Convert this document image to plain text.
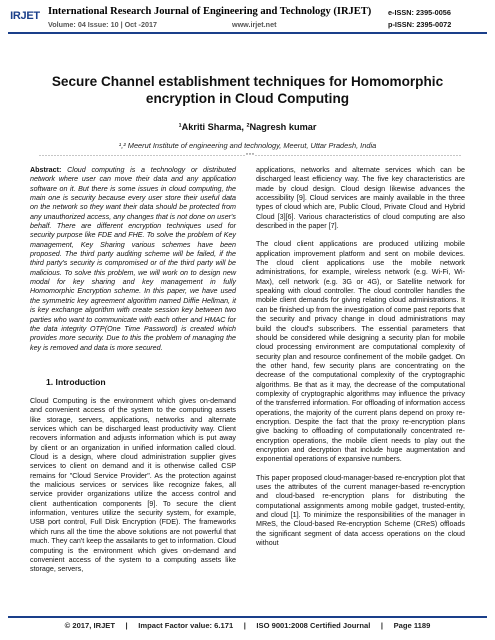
IRJET International Research Journal of Engineering and Technology (IRJET)
Volume: 04 Issue: 10 | Oct -2017	www.irjet.net
e-ISSN: 2395-0056
p-ISSN: 2395-0072
Secure Channel establishment techniques for Homomorphic encryption in Cloud Computing
¹Akriti Sharma, ²Nagresh kumar
¹,² Meerut Institute of engineering and technology, Meerut, Uttar Pradesh, India
---------------------------------------------------------------------***---------------------------------------------------------------------

Abstract: Cloud computing is a technology or distributed network where user can move their data and any application software on it. But there is some issues in cloud computing, the main one is security because every user store their useful data on the network so they want their data should be protected from any unauthorized access, any changes that is not done on user's behalf. There are different encryption techniques used for security purpose like FDE and FHE. To solve the problem of Key management, Key Sharing various schemes have been proposed. The third party auditing scheme will be failed, if the third party's security is compromised or of the third party will be malicious. To solve this problem, we will work on to design new modal for key sharing and key management in fully Homomorphic Encryption scheme. In this paper, we have used the symmetric key agreement algorithm named Diffie Hellman, it is key exchange algorithm with create session key between two parties who want to communicate with each other and HMAC for the data integrity OTP(One Time Password) is created which provides more security. Due to this the problem of managing the key is removed and data is more secured.

1. Introduction

Cloud Computing is the environment which gives on-demand and convenient access of the system to the computing assets like storage, servers, applications, networks and alternate services which can be discharged least productivity way. Client recovers information and adjusts information which is put away by client or an organization in unified information called cloud. Cloud is a design, where cloud administration supplier gives services to client on demand and it is otherwise called CSP remains for "Cloud Service Provider". As the protection against the malicious services or services like recognize fakes, all service provider organizations utilize the access control and client authentication components [9]. To secure the client information, ventures utilize the security system, for example, USB port control, Full Disk Encryption (FDE). The frameworks which runs all the time the above solutions are not powerful that much. They can't keep the assailants to get to information. Cloud computing is the environment which gives on-demand and convenient access of the system to a computing assets like storage, servers,

applications, networks and alternate services which can be discharged least efficiency way. The five key characteristics are made by cloud design. Cloud design likewise advances the accessibility [9]. Cloud services are mainly available in the three types of cloud which are, Public Cloud, Private Cloud and Hybrid Cloud [3][6]. Various characteristics of cloud computing are also described in the paper [7].

The cloud client applications are produced utilizing mobile application improvement platform and sent on mobile devices. The cloud client applications use the mobile network administrations, for example, wireless network (e.g. Wi-Fi, Wi-Max), cell network (e.g. 3G or 4G), or Satellite network for speaking with cloud controller. The cloud controller handles the mobile client demands for giving relating cloud administrations. It can be finished up from the investigation of come past reports that the security and privacy change in cloud administrations may build the cloud's subscribers. The essential parameters that should be considered while designing a security plan for mobile cloud processing environment are computational complexity of security plan and resource confinement of the mobile gadget. On the other hand, few security plans are concentrating on the decrease of the computational complexity of the cryptographic algorithms. Be that as it may, the decrease of the computational complexity of cryptographic algorithms may influence the privacy of the transferred information. For offloading of information access operations, the majority of the current plans depend on proxy re-encryption. Despite the fact that the proxy re-encryption plans give backing to offloading of computationally concentrated re-encryption operations, the mobile client needs to play out the encryption and decryption that include huge augmentation and exponential operations of expansive numbers.

This paper proposed cloud-manager-based re-encryption plot that uses the attributes of the current manager-based re-encryption and cloud-based re-encryption plans for distributing the computational assignments among mobile gadget, trusted-entity, and cloud [1]. To minimize the responsibilities of the manager in MReS, the Cloud-based Re-encryption Scheme (CReS) offloads the significant segment of data access operations on the cloud without

© 2017, IRJET     |     Impact Factor value: 6.171     |     ISO 9001:2008 Certified Journal     |     Page 1189
